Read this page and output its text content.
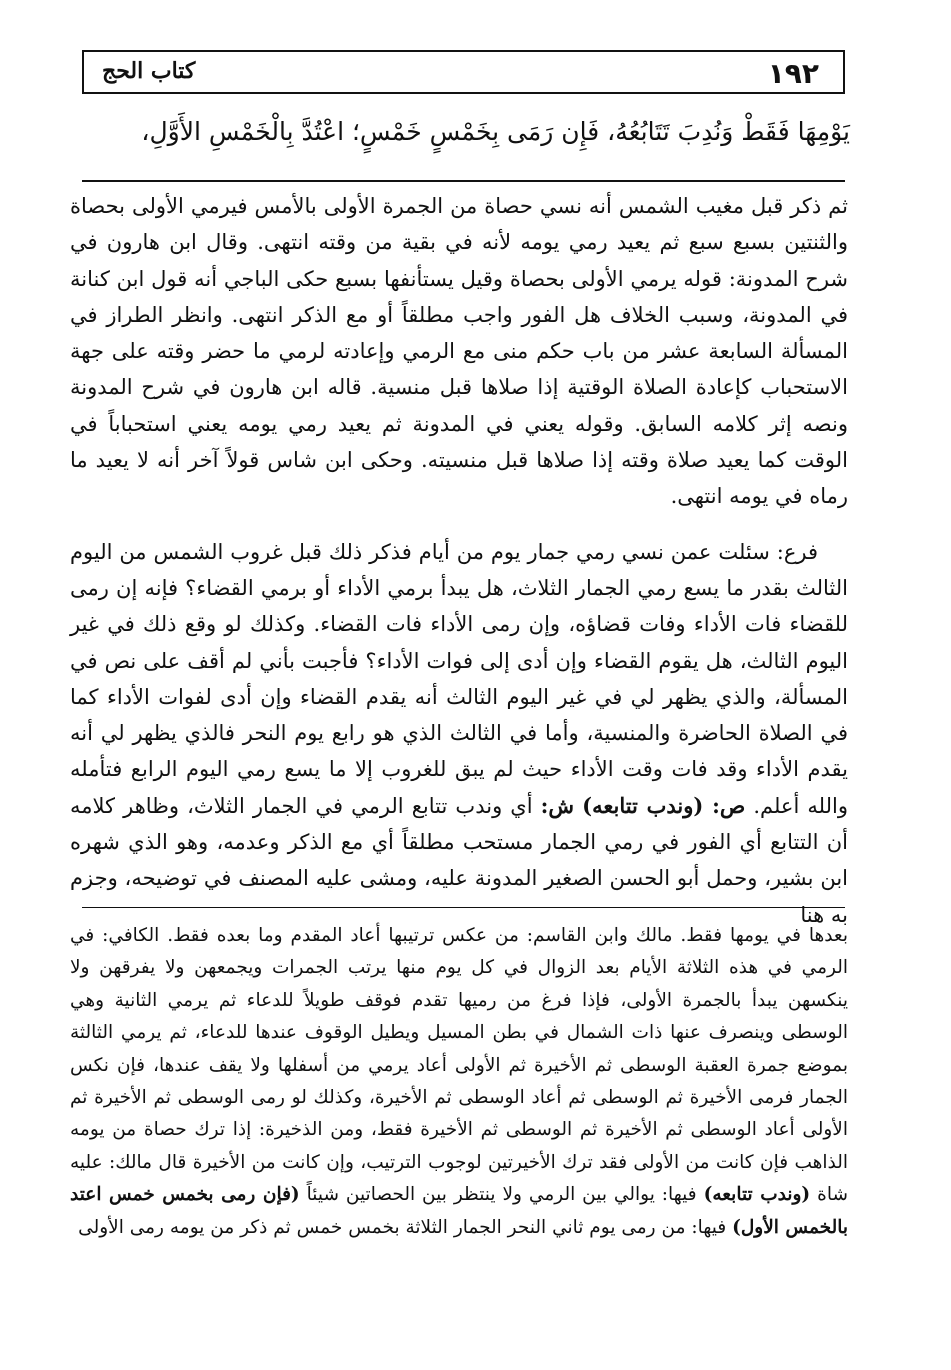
١٩٢
كتاب الحج
يَوْمِهَا فَقَطْ وَنُدِبَ تَتَابُعُهُ، فَإِن رَمَى بِخَمْسٍ خَمْسٍ؛ اعْتُدَّ بِالْخَمْسِ الأَوَّلِ،

ثم ذكر قبل مغيب الشمس أنه نسي حصاة من الجمرة الأولى بالأمس فيرمي الأولى بحصاة والثنتين بسبع سبع ثم يعيد رمي يومه لأنه في بقية من وقته انتهى. وقال ابن هارون في شرح المدونة: قوله يرمي الأولى بحصاة وقيل يستأنفها بسبع حكى الباجي أنه قول ابن كنانة في المدونة، وسبب الخلاف هل الفور واجب مطلقاً أو مع الذكر انتهى. وانظر الطراز في المسألة السابعة عشر من باب حكم منى مع الرمي وإعادته لرمي ما حضر وقته على جهة الاستحباب كإعادة الصلاة الوقتية إذا صلاها قبل منسية. قاله ابن هارون في شرح المدونة ونصه إثر كلامه السابق. وقوله يعني في المدونة ثم يعيد رمي يومه يعني استحباباً في الوقت كما يعيد صلاة وقته إذا صلاها قبل منسيته. وحكى ابن شاس قولاً آخر أنه لا يعيد ما رماه في يومه انتهى.

فرع: سئلت عمن نسي رمي جمار يوم من أيام فذكر ذلك قبل غروب الشمس من اليوم الثالث بقدر ما يسع رمي الجمار الثلاث، هل يبدأ برمي الأداء أو برمي القضاء؟ فإنه إن رمى للقضاء فات الأداء وفات قضاؤه، وإن رمى الأداء فات القضاء. وكذلك لو وقع ذلك في غير اليوم الثالث، هل يقوم القضاء وإن أدى إلى فوات الأداء؟ فأجبت بأني لم أقف على نص في المسألة، والذي يظهر لي في غير اليوم الثالث أنه يقدم القضاء وإن أدى لفوات الأداء كما في الصلاة الحاضرة والمنسية، وأما في الثالث الذي هو رابع يوم النحر فالذي يظهر لي أنه يقدم الأداء وقد فات وقت الأداء حيث لم يبق للغروب إلا ما يسع رمي اليوم الرابع فتأمله والله أعلم. ص: (وندب تتابعه) ش: أي وندب تتابع الرمي في الجمار الثلاث، وظاهر كلامه أن التتابع أي الفور في رمي الجمار مستحب مطلقاً أي مع الذكر وعدمه، وهو الذي شهره ابن بشير، وحمل أبو الحسن الصغير المدونة عليه، ومشى عليه المصنف في توضيحه، وجزم به هنا

بعدها في يومها فقط. مالك وابن القاسم: من عكس ترتيبها أعاد المقدم وما بعده فقط. الكافي: في الرمي في هذه الثلاثة الأيام بعد الزوال في كل يوم منها يرتب الجمرات ويجمعهن ولا يفرقهن ولا ينكسهن يبدأ بالجمرة الأولى، فإذا فرغ من رميها تقدم فوقف طويلاً للدعاء ثم يرمي الثانية وهي الوسطى وينصرف عنها ذات الشمال في بطن المسيل ويطيل الوقوف عندها للدعاء، ثم يرمي الثالثة بموضع جمرة العقبة الوسطى ثم الأخيرة ثم الأولى أعاد يرمي من أسفلها ولا يقف عندها، فإن نكس الجمار فرمى الأخيرة ثم الوسطى ثم أعاد الوسطى ثم الأخيرة، وكذلك لو رمى الوسطى ثم الأخيرة ثم الأولى أعاد الوسطى ثم الأخيرة ثم الوسطى ثم الأخيرة فقط، ومن الذخيرة: إذا ترك حصاة من يومه الذاهب فإن كانت من الأولى فقد ترك الأخيرتين لوجوب الترتيب، وإن كانت من الأخيرة قال مالك: عليه شاة (وندب تتابعه) فيها: يوالي بين الرمي ولا ينتظر بين الحصاتين شيئاً (فإن رمى بخمس خمس اعتد بالخمس الأول) فيها: من رمى يوم ثاني النحر الجمار الثلاثة بخمس خمس ثم ذكر من يومه رمى الأولى
